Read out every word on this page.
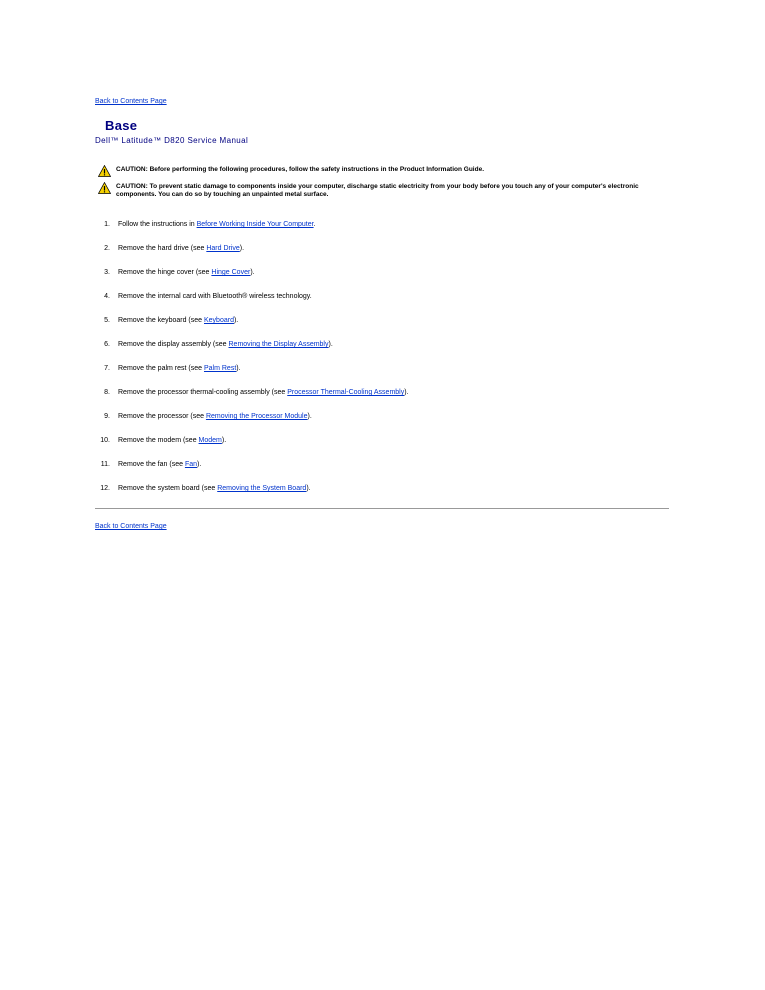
Back to Contents Page
Base
Dell™ Latitude™ D820 Service Manual
CAUTION: Before performing the following procedures, follow the safety instructions in the Product Information Guide.
CAUTION: To prevent static damage to components inside your computer, discharge static electricity from your body before you touch any of your computer's electronic components. You can do so by touching an unpainted metal surface.
1. Follow the instructions in Before Working Inside Your Computer.
2. Remove the hard drive (see Hard Drive).
3. Remove the hinge cover (see Hinge Cover).
4. Remove the internal card with Bluetooth® wireless technology.
5. Remove the keyboard (see Keyboard).
6. Remove the display assembly (see Removing the Display Assembly).
7. Remove the palm rest (see Palm Rest).
8. Remove the processor thermal-cooling assembly (see Processor Thermal-Cooling Assembly).
9. Remove the processor (see Removing the Processor Module).
10. Remove the modem (see Modem).
11. Remove the fan (see Fan).
12. Remove the system board (see Removing the System Board).
Back to Contents Page
